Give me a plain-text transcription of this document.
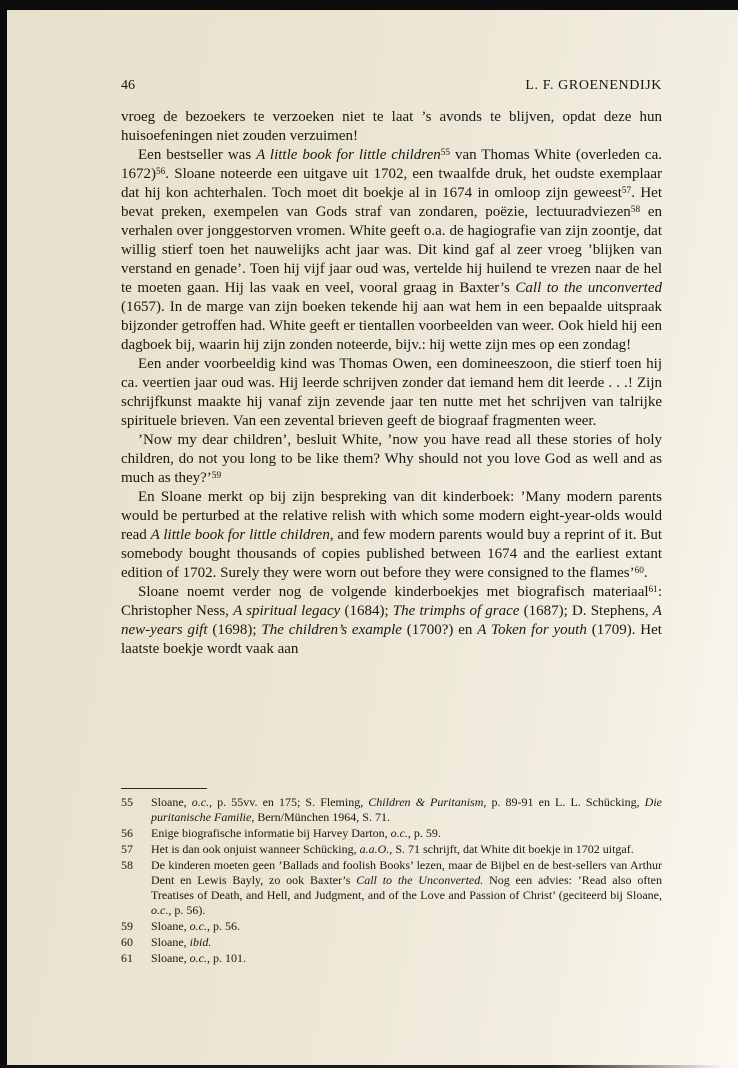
46	L. F. GROENENDIJK

vroeg de bezoekers te verzoeken niet te laat ’s avonds te blijven, opdat deze hun huisoefeningen niet zouden verzuimen!

Een bestseller was A little book for little children$^{55}$ van Thomas White (overleden ca. 1672)$^{56}$. Sloane noteerde een uitgave uit 1702, een twaalfde druk, het oudste exemplaar dat hij kon achterhalen. Toch moet dit boekje al in 1674 in omloop zijn geweest$^{57}$. Het bevat preken, exempelen van Gods straf van zondaren, poëzie, lectuuradviezen$^{58}$ en verhalen over jonggestorven vromen. White geeft o.a. de hagiografie van zijn zoontje, dat willig stierf toen het nauwelijks acht jaar was. Dit kind gaf al zeer vroeg ’blijken van verstand en genade’. Toen hij vijf jaar oud was, vertelde hij huilend te vrezen naar de hel te moeten gaan. Hij las vaak en veel, vooral graag in Baxter’s Call to the unconverted (1657). In de marge van zijn boeken tekende hij aan wat hem in een bepaalde uitspraak bijzonder getroffen had. White geeft er tientallen voorbeelden van weer. Ook hield hij een dagboek bij, waarin hij zijn zonden noteerde, bijv.: hij wette zijn mes op een zondag!

Een ander voorbeeldig kind was Thomas Owen, een domineeszoon, die stierf toen hij ca. veertien jaar oud was. Hij leerde schrijven zonder dat iemand hem dit leerde . . .! Zijn schrijfkunst maakte hij vanaf zijn zevende jaar ten nutte met het schrijven van talrijke spirituele brieven. Van een zevental brieven geeft de biograaf fragmenten weer.

’Now my dear children’, besluit White, ’now you have read all these stories of holy children, do not you long to be like them? Why should not you love God as well and as much as they?’$^{59}$

En Sloane merkt op bij zijn bespreking van dit kinderboek: ’Many modern parents would be perturbed at the relative relish with which some modern eight-year-olds would read A little book for little children, and few modern parents would buy a reprint of it. But somebody bought thousands of copies published between 1674 and the earliest extant edition of 1702. Surely they were worn out before they were consigned to the flames’$^{60}$.

Sloane noemt verder nog de volgende kinderboekjes met biografisch materiaal$^{61}$: Christopher Ness, A spiritual legacy (1684); The trimphs of grace (1687); D. Stephens, A new-years gift (1698); The children’s example (1700?) en A Token for youth (1709). Het laatste boekje wordt vaak aan

55	Sloane, o.c., p. 55vv. en 175; S. Fleming, Children & Puritanism, p. 89-91 en L. L. Schücking, Die puritanische Familie, Bern/München 1964, S. 71.
56	Enige biografische informatie bij Harvey Darton, o.c., p. 59.
57	Het is dan ook onjuist wanneer Schücking, a.a.O., S. 71 schrijft, dat White dit boekje in 1702 uitgaf.
58	De kinderen moeten geen ’Ballads and foolish Books’ lezen, maar de Bijbel en de best-sellers van Arthur Dent en Lewis Bayly, zo ook Baxter’s Call to the Unconverted. Nog een advies: ’Read also often Treatises of Death, and Hell, and Judgment, and of the Love and Passion of Christ’ (geciteerd bij Sloane, o.c., p. 56).
59	Sloane, o.c., p. 56.
60	Sloane, ibid.
61	Sloane, o.c., p. 101.
